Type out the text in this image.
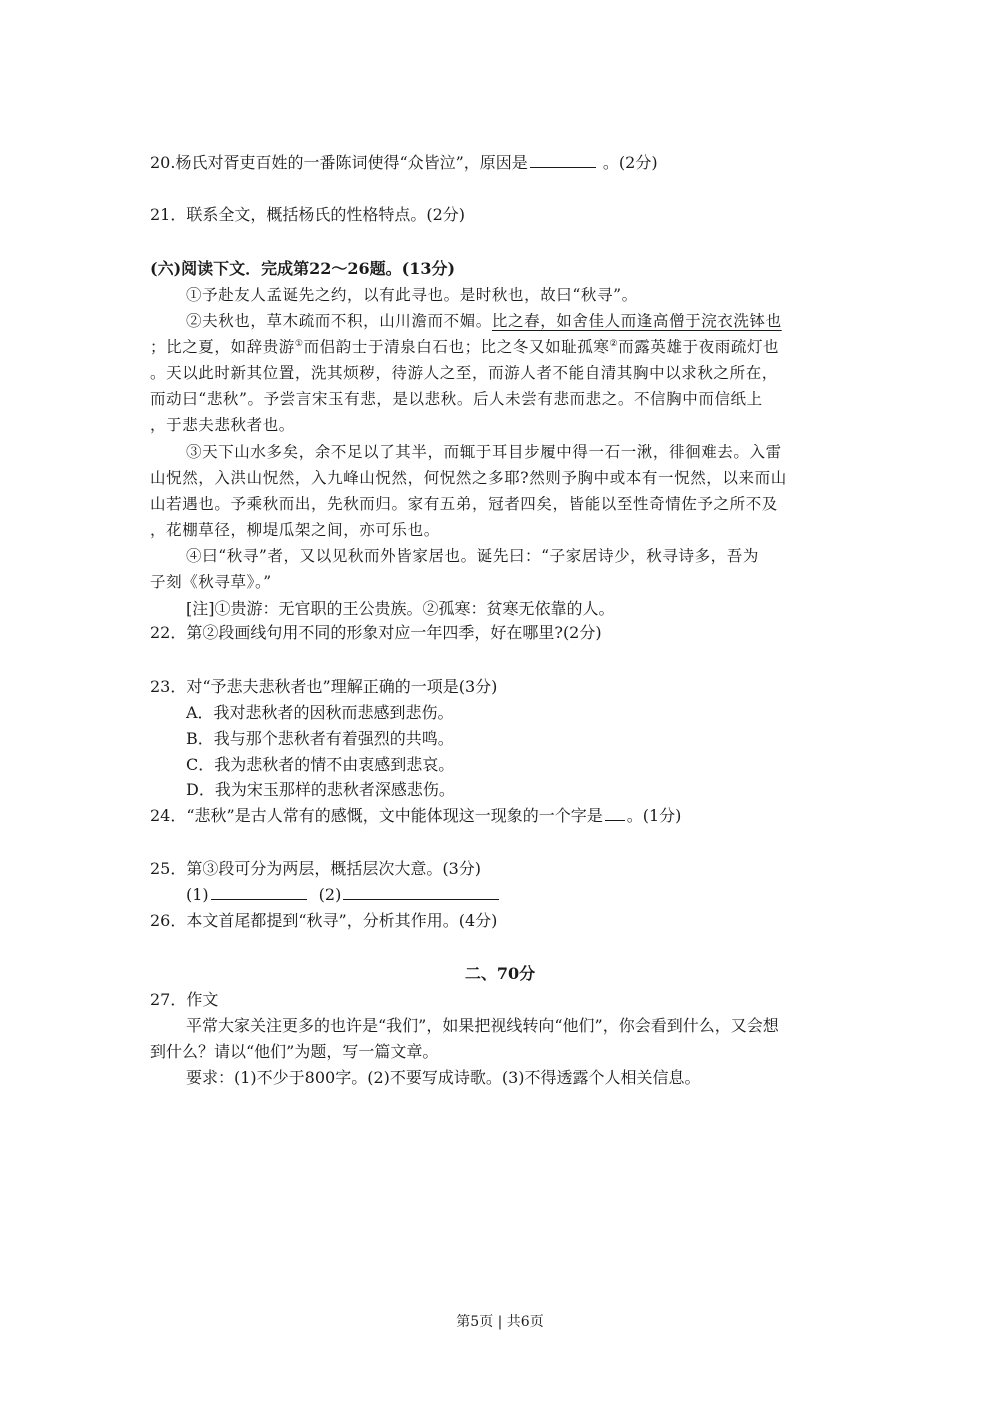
20.杨氏对胥吏百姓的一番陈词使得“众皆泣”，原因是	。(2分)
21．联系全文，概括杨氏的性格特点。(2分)
(六)阅读下文．完成第22～26题。(13分)
①予赴友人孟诞先之约，以有此寻也。是时秋也，故曰“秋寻”。
②夫秋也，草木疏而不积，山川澹而不媚。比之春，如舍佳人而逢高僧于浣衣洗钵也
；比之夏，如辞贵游①而侣韵士于清泉白石也；比之冬又如耻孤寒②而露英雄于夜雨疏灯也
。天以此时新其位置，洗其烦秽，待游人之至，而游人者不能自清其胸中以求秋之所在，
而动曰“悲秋”。予尝言宋玉有悲，是以悲秋。后人未尝有悲而悲之。不信胸中而信纸上
，于悲夫悲秋者也。
③天下山水多矣，余不足以了其半，而辄于耳目步履中得一石一湫，徘徊难去。入雷
山怳然，入洪山怳然，入九峰山怳然，何怳然之多耶?然则予胸中或本有一怳然，以来而山
山若遇也。予乘秋而出，先秋而归。家有五弟，冠者四矣，皆能以至性奇情佐予之所不及
，花棚草径，柳堤瓜架之间，亦可乐也。
④曰“秋寻”者，又以见秋而外皆家居也。诞先曰：“子家居诗少，秋寻诗多，吾为
子刻《秋寻草》。”
[注]①贵游：无官职的王公贵族。②孤寒：贫寒无依靠的人。
22．第②段画线句用不同的形象对应一年四季，好在哪里?(2分)
23．对“予悲夫悲秋者也”理解正确的一项是(3分)
A．我对悲秋者的因秋而悲感到悲伤。
B．我与那个悲秋者有着强烈的共鸣。
C．我为悲秋者的情不由衷感到悲哀。
D．我为宋玉那样的悲秋者深感悲伤。
24．“悲秋”是古人常有的感慨，文中能体现这一现象的一个字是 。(1分)
25．第③段可分为两层，概括层次大意。(3分)
(1)	(2)
26．本文首尾都提到“秋寻”，分析其作用。(4分)
二、70分
27．作文
平常大家关注更多的也许是“我们”，如果把视线转向“他们”，你会看到什么，又会想
到什么？请以“他们”为题，写一篇文章。
要求：(1)不少于800字。(2)不要写成诗歌。(3)不得透露个人相关信息。
第5页 | 共6页
